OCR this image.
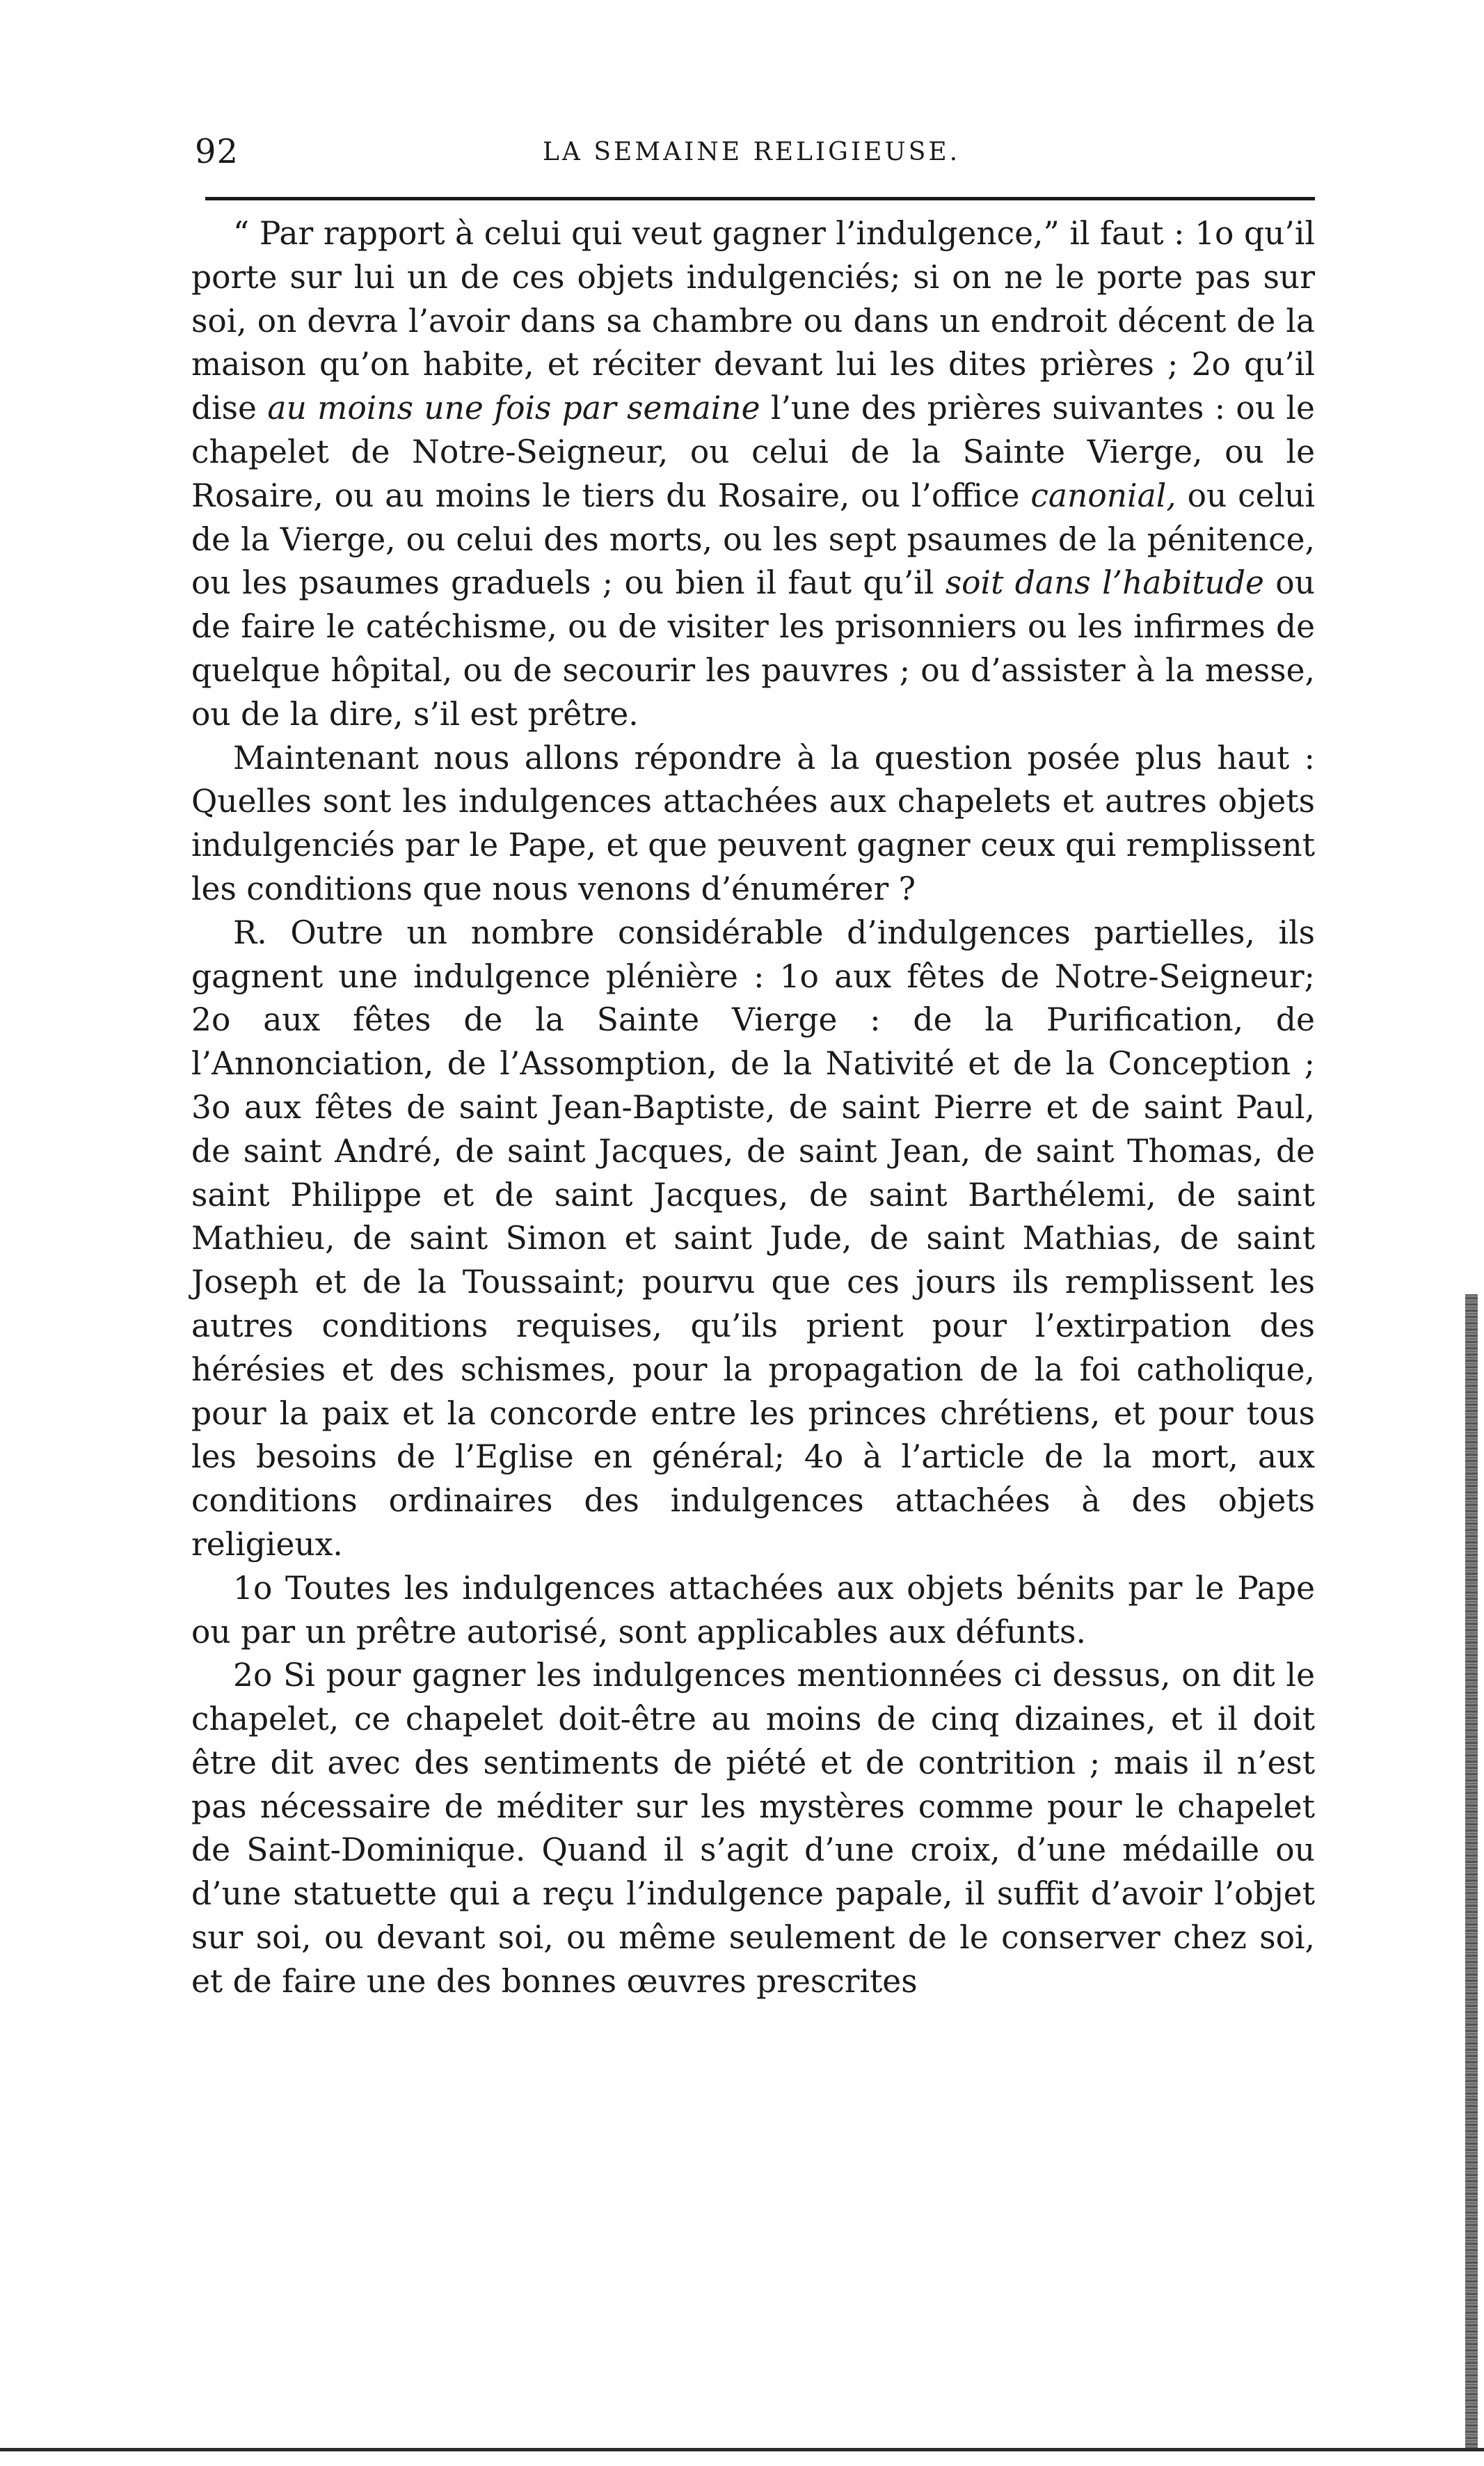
92	LA SEMAINE RELIGIEUSE.

“ Par rapport à celui qui veut gagner l’indulgence,” il faut : 1o qu’il porte sur lui un de ces objets indulgenciés; si on ne le porte pas sur soi, on devra l’avoir dans sa chambre ou dans un endroit décent de la maison qu’on habite, et réciter devant lui les dites prières ; 2o qu’il dise au moins une fois par semaine l’une des prières suivantes : ou le chapelet de Notre-Seigneur, ou celui de la Sainte Vierge, ou le Rosaire, ou au moins le tiers du Rosaire, ou l’office canonial, ou celui de la Vierge, ou celui des morts, ou les sept psaumes de la pénitence, ou les psaumes graduels ; ou bien il faut qu’il soit dans l’habitude ou de faire le catéchisme, ou de visiter les prisonniers ou les infirmes de quelque hôpital, ou de secourir les pauvres ; ou d’assister à la messe, ou de la dire, s’il est prêtre.

Maintenant nous allons répondre à la question posée plus haut : Quelles sont les indulgences attachées aux chapelets et autres objets indulgenciés par le Pape, et que peuvent gagner ceux qui remplissent les conditions que nous venons d’énumérer ?

R. Outre un nombre considérable d’indulgences partielles, ils gagnent une indulgence plénière : 1o aux fêtes de Notre-Seigneur; 2o aux fêtes de la Sainte Vierge : de la Purification, de l’Annonciation, de l’Assomption, de la Nativité et de la Conception ; 3o aux fêtes de saint Jean-Baptiste, de saint Pierre et de saint Paul, de saint André, de saint Jacques, de saint Jean, de saint Thomas, de saint Philippe et de saint Jacques, de saint Barthélemi, de saint Mathieu, de saint Simon et saint Jude, de saint Mathias, de saint Joseph et de la Toussaint; pourvu que ces jours ils remplissent les autres conditions requises, qu’ils prient pour l’extirpation des hérésies et des schismes, pour la propagation de la foi catholique, pour la paix et la concorde entre les princes chrétiens, et pour tous les besoins de l’Eglise en général; 4o à l’article de la mort, aux conditions ordinaires des indulgences attachées à des objets religieux.

1o Toutes les indulgences attachées aux objets bénits par le Pape ou par un prêtre autorisé, sont applicables aux défunts.

2o Si pour gagner les indulgences mentionnées ci dessus, on dit le chapelet, ce chapelet doit-être au moins de cinq dizaines, et il doit être dit avec des sentiments de piété et de contrition ; mais il n’est pas nécessaire de méditer sur les mystères comme pour le chapelet de Saint-Dominique. Quand il s’agit d’une croix, d’une médaille ou d’une statuette qui a reçu l’indulgence papale, il suffit d’avoir l’objet sur soi, ou devant soi, ou même seulement de le conserver chez soi, et de faire une des bonnes œuvres prescrites
